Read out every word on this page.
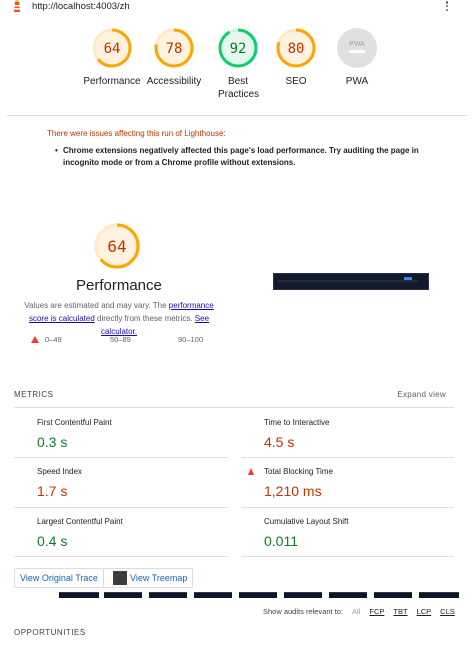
http://localhost:4003/zh
64
Performance
78
Accessibility
92
Best Practices
80
SEO
PWA
PWA
There were issues affecting this run of Lighthouse:
• Chrome extensions negatively affected this page's load performance. Try auditing the page in incognito mode or from a Chrome profile without extensions.
64
Performance
Values are estimated and may vary. The performance score is calculated directly from these metrics. See calculator.
0–49	50–89	90–100
METRICS	Expand view
First Contentful Paint
0.3 s
Time to Interactive
4.5 s
Speed Index
1.7 s
Total Blocking Time
1,210 ms
Largest Contentful Paint
0.4 s
Cumulative Layout Shift
0.011
View Original Trace	View Treemap
Show audits relevant to: All FCP TBT LCP CLS
OPPORTUNITIES
